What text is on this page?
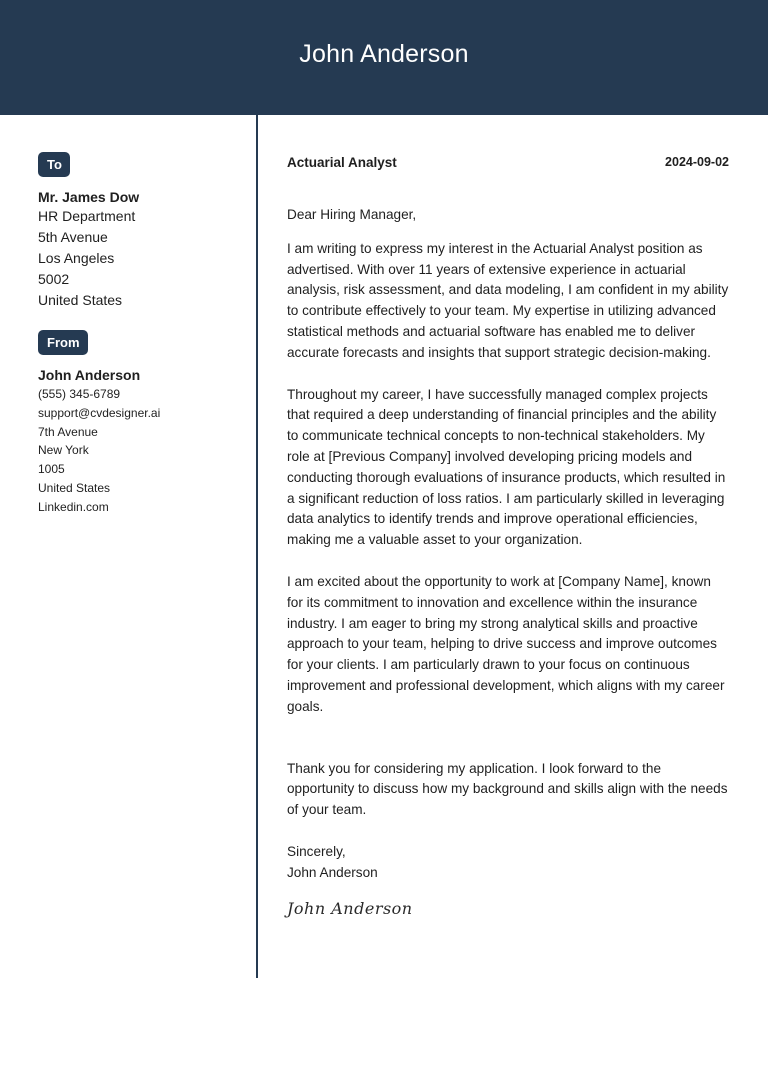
John Anderson
To
Mr. James Dow
HR Department
5th Avenue
Los Angeles
5002
United States
From
John Anderson
(555) 345-6789
support@cvdesigner.ai
7th Avenue
New York
1005
United States
Linkedin.com
Actuarial Analyst	2024-09-02

Dear Hiring Manager,

I am writing to express my interest in the Actuarial Analyst position as advertised. With over 11 years of extensive experience in actuarial analysis, risk assessment, and data modeling, I am confident in my ability to contribute effectively to your team. My expertise in utilizing advanced statistical methods and actuarial software has enabled me to deliver accurate forecasts and insights that support strategic decision-making.

Throughout my career, I have successfully managed complex projects that required a deep understanding of financial principles and the ability to communicate technical concepts to non-technical stakeholders. My role at [Previous Company] involved developing pricing models and conducting thorough evaluations of insurance products, which resulted in a significant reduction of loss ratios. I am particularly skilled in leveraging data analytics to identify trends and improve operational efficiencies, making me a valuable asset to your organization.

I am excited about the opportunity to work at [Company Name], known for its commitment to innovation and excellence within the insurance industry. I am eager to bring my strong analytical skills and proactive approach to your team, helping to drive success and improve outcomes for your clients. I am particularly drawn to your focus on continuous improvement and professional development, which aligns with my career goals.

Thank you for considering my application. I look forward to the opportunity to discuss how my background and skills align with the needs of your team.

Sincerely,

John Anderson

John Anderson
